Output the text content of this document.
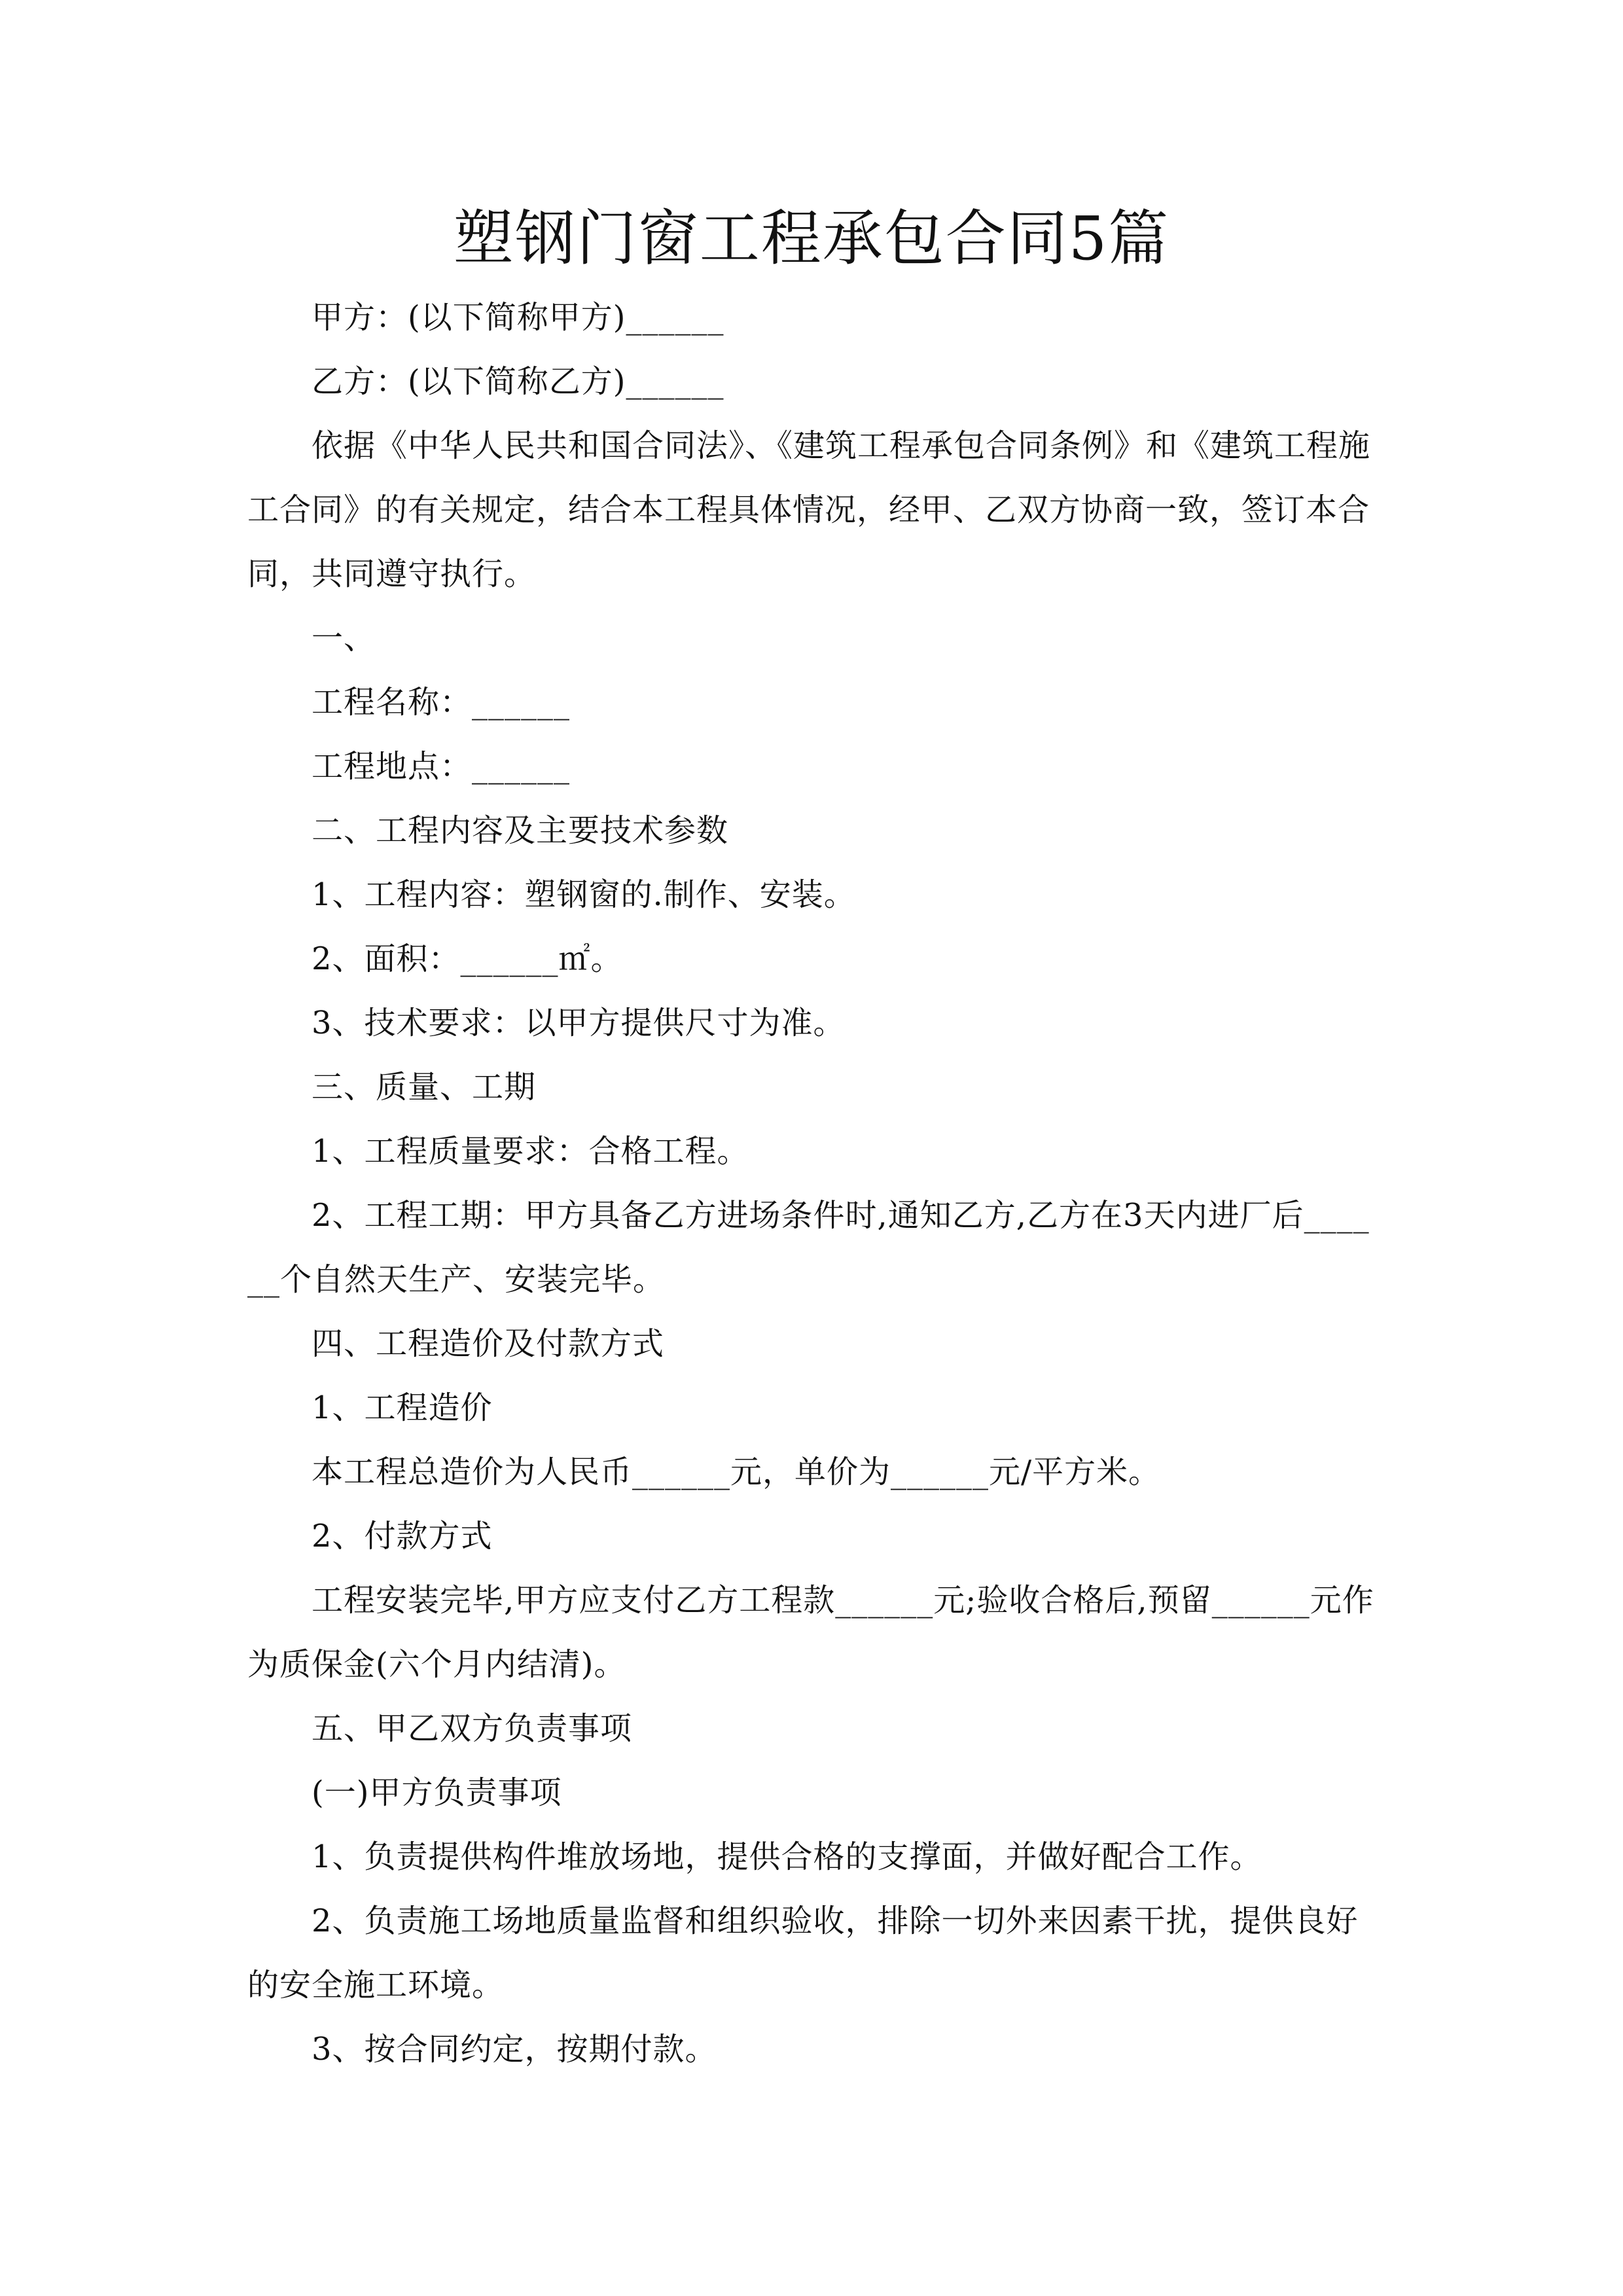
塑钢门窗工程承包合同5篇

甲方：(以下简称甲方)______

乙方：(以下简称乙方)______

依据《中华人民共和国合同法》、《建筑工程承包合同条例》和《建筑工程施工合同》的有关规定，结合本工程具体情况，经甲、乙双方协商一致，签订本合同，共同遵守执行。

一、

工程名称：______

工程地点：______

二、工程内容及主要技术参数

1、工程内容：塑钢窗的.制作、安装。

2、面积：______㎡。

3、技术要求：以甲方提供尺寸为准。

三、质量、工期

1、工程质量要求：合格工程。

2、工程工期：甲方具备乙方进场条件时,通知乙方,乙方在3天内进厂后______个自然天生产、安装完毕。

四、工程造价及付款方式

1、工程造价

本工程总造价为人民币______元，单价为______元/平方米。

2、付款方式

工程安装完毕,甲方应支付乙方工程款______元;验收合格后,预留______元作为质保金(六个月内结清)。

五、甲乙双方负责事项

(一)甲方负责事项

1、负责提供构件堆放场地，提供合格的支撑面，并做好配合工作。

2、负责施工场地质量监督和组织验收，排除一切外来因素干扰，提供良好的安全施工环境。

3、按合同约定，按期付款。
